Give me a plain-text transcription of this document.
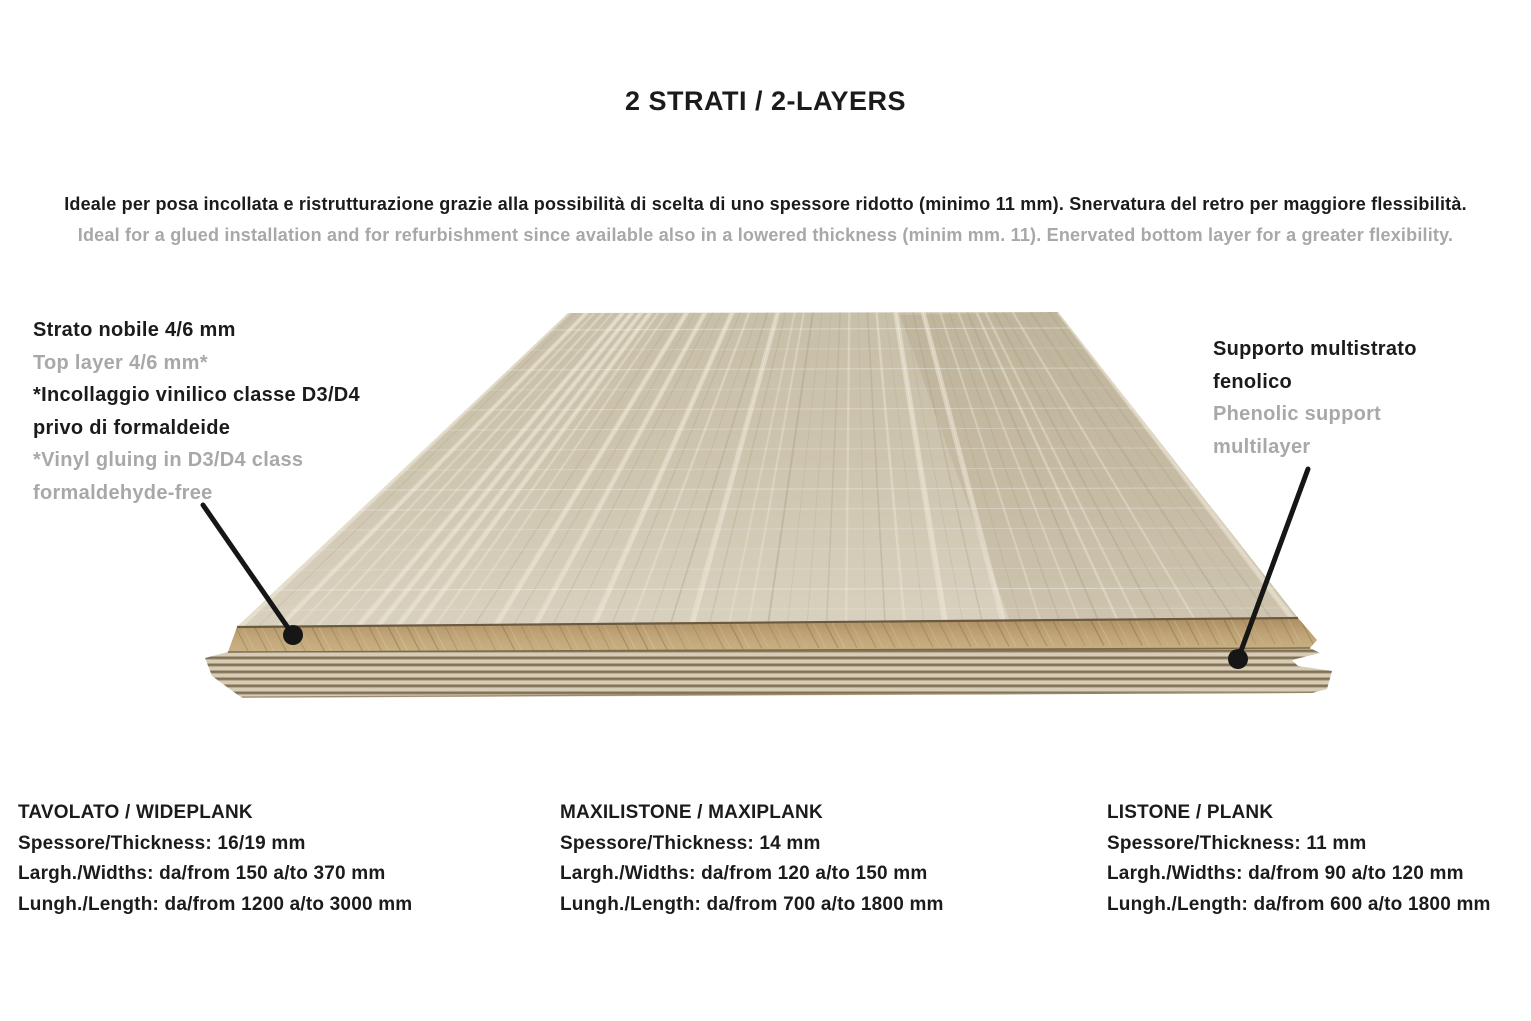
2 STRATI / 2-LAYERS
Ideale per posa incollata e ristrutturazione grazie alla possibilità di scelta di uno spessore ridotto (minimo 11 mm). Snervatura del retro per maggiore flessibilità.
Ideal for a glued installation and for refurbishment since available also in a lowered thickness (minim mm. 11). Enervated bottom layer for a greater flexibility.
Strato nobile 4/6 mm
Top layer 4/6 mm*
*Incollaggio vinilico classe D3/D4 privo di formaldeide
*Vinyl gluing in D3/D4 class formaldehyde-free
Supporto multistrato fenolico
Phenolic support multilayer
TAVOLATO / WIDEPLANK
Spessore/Thickness: 16/19 mm
Largh./Widths: da/from 150 a/to 370 mm
Lungh./Length: da/from 1200 a/to 3000 mm
MAXILISTONE / MAXIPLANK
Spessore/Thickness: 14 mm
Largh./Widths: da/from 120 a/to 150 mm
Lungh./Length: da/from 700 a/to 1800 mm
LISTONE / PLANK
Spessore/Thickness: 11 mm
Largh./Widths: da/from 90 a/to 120 mm
Lungh./Length: da/from 600 a/to 1800 mm
